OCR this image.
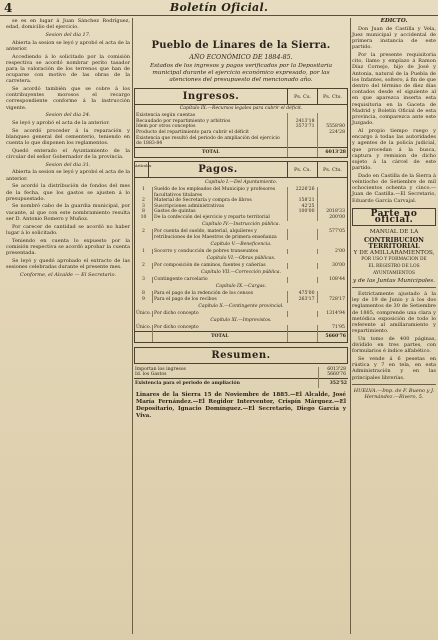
4	Boletín Oficial.

se es en lugar á Juan Sánchez Rodríguez, edad, domicilio del ejercicio.

Sesion del dia 17.

Abierta la sesion se leyó y aprobó el acta de la anterior.

Accediendo á lo solicitado por la comisión respectiva se acordó nombrar perito tasador para la valoración de los terrenos que han de ocuparse con motivo de las obras de la carretera.

Se acordó también que se cobre á los contribuyentes morosos el recargo correspondiente conforme á la instrucción vigente.

Sesion del dia 24.

Se leyó y aprobó el acta de la anterior.

Se acordó proceder á la reparación y blanqueo general del cementerio, teniendo en cuenta lo que disponen los reglamentos.

Quedó enterado el Ayuntamiento de la circular del señor Gobernador de la provincia.

Sesion del dia 31.

Abierta la sesion se leyó y aprobó el acta de la anterior.

Se acordó la distribución de fondos del mes de la fecha, que los gastos se ajusten á lo presupuestado.

Se nombró cabo de la guardia municipal, por vacante, al que con este nombramiento resulta ser D. Antonio Romero y Muñoz.

Por carecer de cantidad se acordó no haber lugar á lo solicitado.

Teniendo en cuenta lo expuesto por la comisión respectiva se acordó aprobar la cuenta presentada.

Se leyó y quedó aprobado el extracto de las sesiones celebradas durante el presente mes.

Conforme, el Alcalde — El Secretario.

Pueblo de Linares de la Sierra.
AÑO ECONÓMICO DE 1884-85.
Estados de los ingresos y pagos verificados por la Depositaria municipal durante el ejercicio económico expresado, por las atenciones del presupuesto del mencionado año.
Ingresos.	Ps. Cs.	Ps. Cts.
Capítulo IX.—Recursos legales para cubrir el déficit.		
Existencia según cuentas		
Recaudado por repartimiento y arbitrios	2413'18	
Idem por otros conceptos	3573'71	5558'80
Producto del repartimiento para cubrir el déficit		224'28
Existencia que resultó del periodo de ampliación del ejercicio de 1883-84		
TOTAL		6013'28
Artículos	Pagos.	Ps. Cs.	Ps. Cts.
Capítulo I.—Del Ayuntamiento.			
1	Sueldo de los empleados del Municipio y profesores facultativos titulares	2226'26	
2	Material de Secretaría y compra de libros	158'21	
3	Suscripciones administrativas	42'25	
8	Gastos de quintas	100'00	2018'33
10	De la confección del ejercicio y reparto territorial		200'00
Capítulo IV.—Instrucción pública.			
2	Por cuenta del sueldo, material, alquileres y retribuciones de los Maestros de primera enseñanza		577'05
Capítulo V.—Beneficencia.			
1	Socorro y conducción de pobres transeuntes		2'00
Capítulo VI.—Obras públicas.			
2	Por composición de caminos, fuentes y cañerías		30'00
Capítulo VII.—Corrección pública.			
3	Contingente carcelario		108'44
Capítulo IX.—Cargas.			
8	Para el pago de la redención de los censos	475'00	
9	Para el pago de los recibos	263'17	728'17
Capítulo X.—Contingente provincial.			
Único.	Por dicho concepto		1314'94
Capítulo XI.—Imprevistos.			
Único.	Por dicho concepto		71'95
	TOTAL		5660'76
Resumen.
Importan los ingresos	6013'28
Id. los Gastos	5660'76
Existencia para el periodo de ampliación	352'52
Linares de la Sierra 15 de Noviembre de 1885.—El Alcalde, José María Fernández.—El Regidor Interventor, Crispín Márquez.—El Depositario, Ignacio Domínguez.—El Secretario, Diego García y Viva.

EDICTO.

Don Juan de Castilla y Vela, Juez municipal y accidental de primera instancia de este partido.

Por la presente requisitoria cito, llamo y emplazo á Ramon Díaz Cornejo, hijo de José y Antonia, natural de la Puebla de los Infantes, soltero, á fin de que dentro del término de diez días contados desde el siguiente al en que aparezca inserta esta requisitoria en la Gaceta de Madrid y Boletín Oficial de esta provincia, comparezca ante este Juzgado.

Al propio tiempo ruego y encargo á todas las autoridades y agentes de la policía judicial, que procedan á la busca, captura y remision de dicho sujeto á la cárcel de este partido.

Dado en Castilla de la Sierra á veintiocho de Setiembre de mil ochocientos ochenta y cinco.—Juan de Castilla.—El Secretario, Eduardo García Carvajal.

Parte no oficial.
MANUAL DE LA
CONTRIBUCION TERRITORIAL
Y DE AMILLARAMIENTOS,
POR USO Y FORMACION DE
EL REGISTRO DE LOS AYUNTAMIENTOS
y de las Juntas Municipales.

Estrictamente ajustado á la ley de 19 de Junio y á los dos reglamentos de 30 de Setiembre de 1885, comprende una clara y metódica exposición de todo lo referente al amillaramiento y repartimiento.

Un tomo de 400 páginas, dividido en tres partes, con formularios é índice alfabético.

Se vende á 6 pesetas en rústica y 7 en tela, en esta Administración y en las principales librerías.

HUELVA.—Imp. de F. Bueno y J. Hernández.—Rivero, 5.
